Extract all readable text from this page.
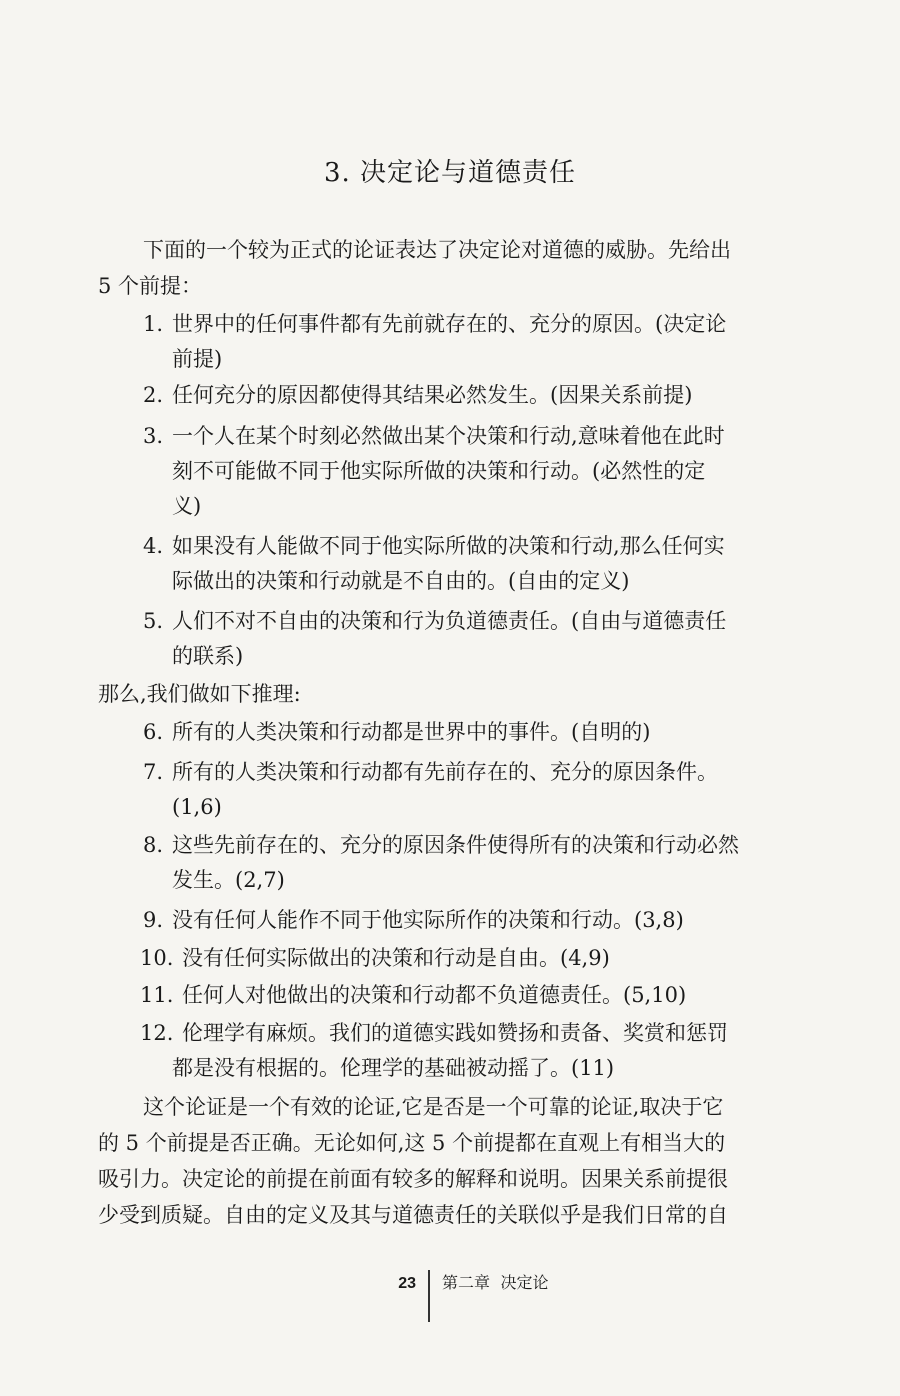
3. 决定论与道德责任
下面的一个较为正式的论证表达了决定论对道德的威胁。先给出
5 个前提：
1. 世界中的任何事件都有先前就存在的、充分的原因。(决定论
前提)
2. 任何充分的原因都使得其结果必然发生。(因果关系前提)
3. 一个人在某个时刻必然做出某个决策和行动,意味着他在此时
刻不可能做不同于他实际所做的决策和行动。(必然性的定
义)
4. 如果没有人能做不同于他实际所做的决策和行动,那么任何实
际做出的决策和行动就是不自由的。(自由的定义)
5. 人们不对不自由的决策和行为负道德责任。(自由与道德责任
的联系)
那么,我们做如下推理:
6. 所有的人类决策和行动都是世界中的事件。(自明的)
7. 所有的人类决策和行动都有先前存在的、充分的原因条件。
(1,6)
8. 这些先前存在的、充分的原因条件使得所有的决策和行动必然
发生。(2,7)
9. 没有任何人能作不同于他实际所作的决策和行动。(3,8)
10. 没有任何实际做出的决策和行动是自由。(4,9)
11. 任何人对他做出的决策和行动都不负道德责任。(5,10)
12. 伦理学有麻烦。我们的道德实践如赞扬和责备、奖赏和惩罚
都是没有根据的。伦理学的基础被动摇了。(11)
这个论证是一个有效的论证,它是否是一个可靠的论证,取决于它
的 5 个前提是否正确。无论如何,这 5 个前提都在直观上有相当大的
吸引力。决定论的前提在前面有较多的解释和说明。因果关系前提很
少受到质疑。自由的定义及其与道德责任的关联似乎是我们日常的自
23 第二章 决定论
